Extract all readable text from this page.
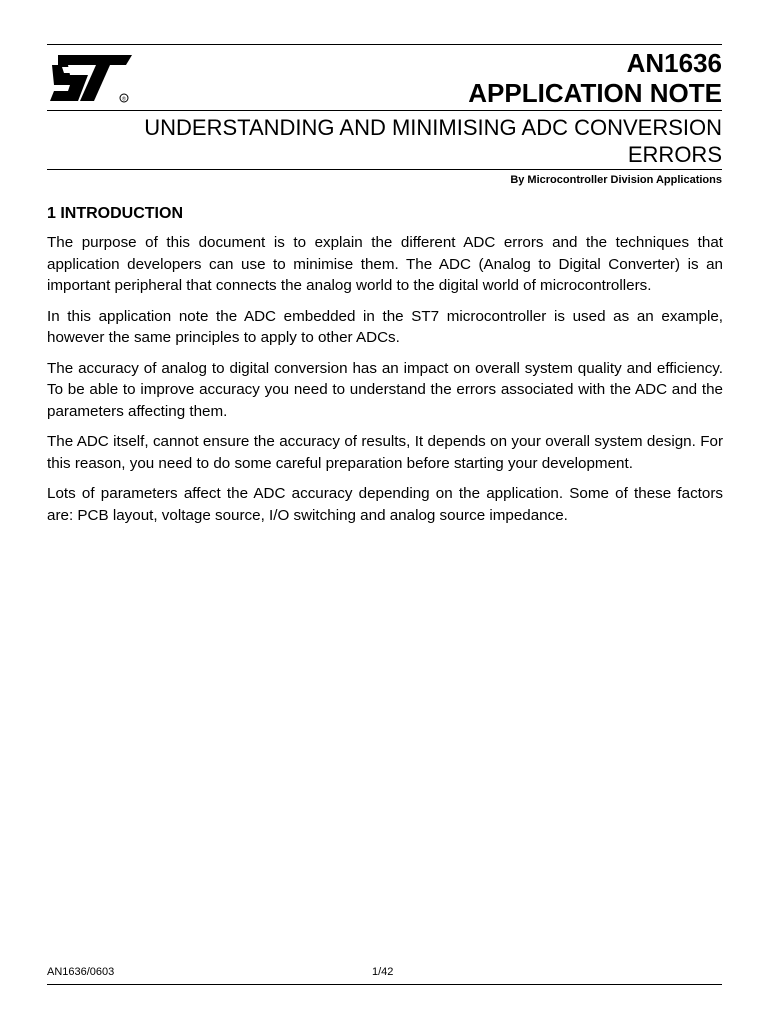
®
AN1636
APPLICATION NOTE
UNDERSTANDING AND MINIMISING ADC CONVERSION
ERRORS
By Microcontroller Division Applications
1 INTRODUCTION

The purpose of this document is to explain the different ADC errors and the techniques that application developers can use to minimise them. The ADC (Analog to Digital Converter) is an important peripheral that connects the analog world to the digital world of microcontrollers.

In this application note the ADC embedded in the ST7 microcontroller is used as an example, however the same principles to apply to other ADCs.

The accuracy of analog to digital conversion has an impact on overall system quality and efficiency. To be able to improve accuracy you need to understand the errors associated with the ADC and the parameters affecting them.

The ADC itself, cannot ensure the accuracy of results, It depends on your overall system design. For this reason, you need to do some careful preparation before starting your development.

Lots of parameters affect the ADC accuracy depending on the application. Some of these factors are: PCB layout, voltage source, I/O switching and analog source impedance.

AN1636/0603	1/42
